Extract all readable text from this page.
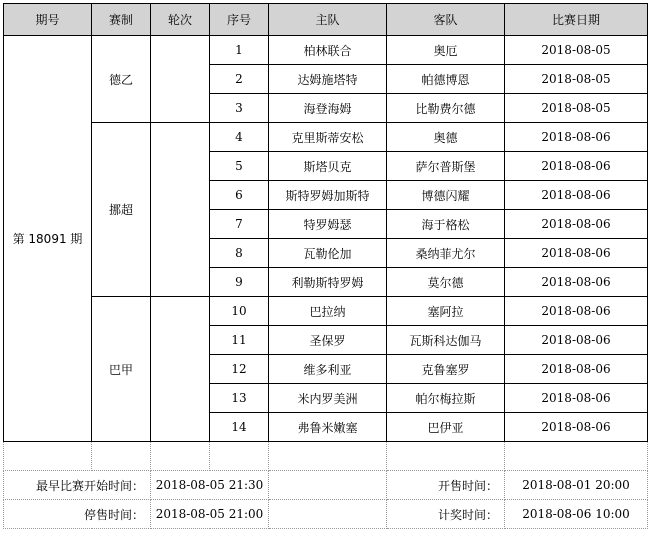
期号	赛制	轮次	序号	主队	客队	比赛日期
第 18091 期	德乙		1	柏林联合	奥厄	2018-08-05
			2	达姆施塔特	帕德博恩	2018-08-05
			3	海登海姆	比勒费尔德	2018-08-05
	挪超		4	克里斯蒂安松	奥德	2018-08-06
			5	斯塔贝克	萨尔普斯堡	2018-08-06
			6	斯特罗姆加斯特	博德闪耀	2018-08-06
			7	特罗姆瑟	海于格松	2018-08-06
			8	瓦勒伦加	桑纳菲尤尔	2018-08-06
			9	利勒斯特罗姆	莫尔德	2018-08-06
	巴甲		10	巴拉纳	塞阿拉	2018-08-06
			11	圣保罗	瓦斯科达伽马	2018-08-06
			12	维多利亚	克鲁塞罗	2018-08-06
			13	米内罗美洲	帕尔梅拉斯	2018-08-06
			14	弗鲁米嫩塞	巴伊亚	2018-08-06

最早比赛开始时间：		2018-08-05 21:30			开售时间：	2018-08-01 20:00
停售时间：		2018-08-05 21:00			计奖时间：	2018-08-06 10:00
